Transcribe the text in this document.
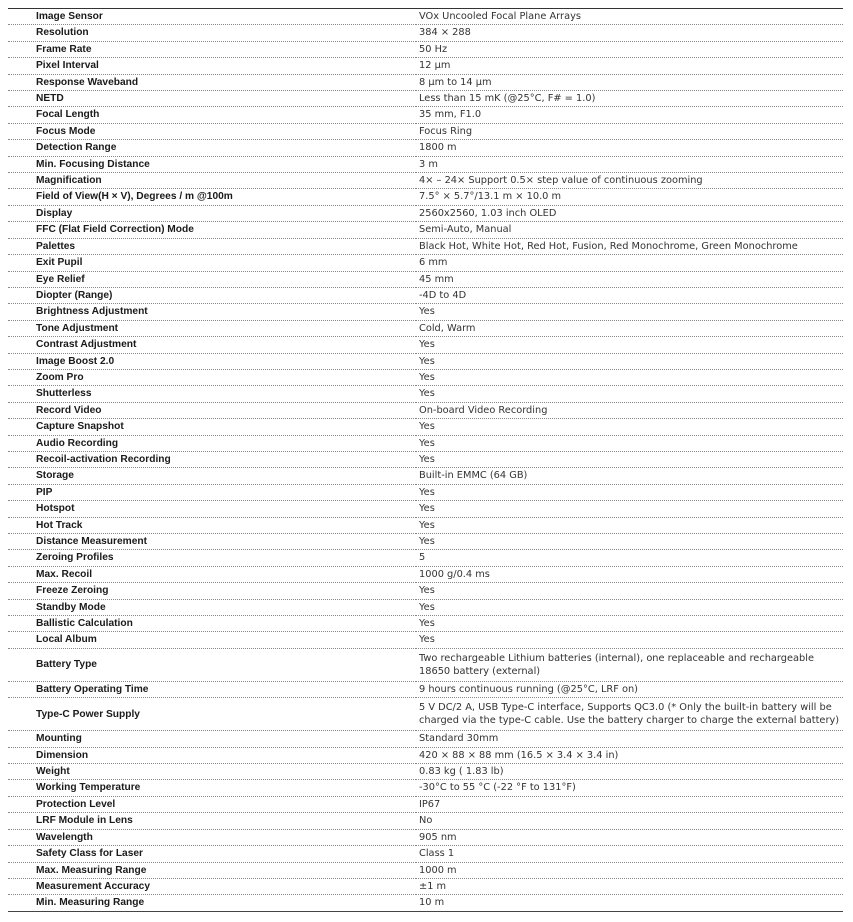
Image Sensor	VOx Uncooled Focal Plane Arrays
Resolution	384 × 288
Frame Rate	50 Hz
Pixel Interval	12 μm
Response Waveband	8 μm to 14 μm
NETD	Less than 15 mK (@25°C, F# = 1.0)
Focal Length	35 mm, F1.0
Focus Mode	Focus Ring
Detection Range	1800 m
Min. Focusing Distance	3 m
Magnification	4× – 24× Support 0.5× step value of continuous zooming
Field of View(H × V), Degrees / m @100m	7.5° × 5.7°/13.1 m × 10.0 m
Display	2560x2560, 1.03 inch OLED
FFC (Flat Field Correction) Mode	Semi-Auto, Manual
Palettes	Black Hot, White Hot, Red Hot, Fusion, Red Monochrome, Green Monochrome
Exit Pupil	6 mm
Eye Relief	45 mm
Diopter (Range)	-4D to 4D
Brightness Adjustment	Yes
Tone Adjustment	Cold, Warm
Contrast Adjustment	Yes
Image Boost 2.0	Yes
Zoom Pro	Yes
Shutterless	Yes
Record Video	On-board Video Recording
Capture Snapshot	Yes
Audio Recording	Yes
Recoil-activation Recording	Yes
Storage	Built-in EMMC (64 GB)
PIP	Yes
Hotspot	Yes
Hot Track	Yes
Distance Measurement	Yes
Zeroing Profiles	5
Max. Recoil	1000 g/0.4 ms
Freeze Zeroing	Yes
Standby Mode	Yes
Ballistic Calculation	Yes
Local Album	Yes
Battery Type	Two rechargeable Lithium batteries (internal), one replaceable and rechargeable 18650 battery (external)
Battery Operating Time	9 hours continuous running (@25°C, LRF on)
Type-C Power Supply	5 V DC/2 A, USB Type-C interface, Supports QC3.0 (* Only the built-in battery will be charged via the type-C cable. Use the battery charger to charge the external battery)
Mounting	Standard 30mm
Dimension	420 × 88 × 88 mm (16.5 × 3.4 × 3.4 in)
Weight	0.83 kg ( 1.83 lb)
Working Temperature	-30°C to 55 °C (-22 °F to 131°F)
Protection Level	IP67
LRF Module in Lens	No
Wavelength	905 nm
Safety Class for Laser	Class 1
Max. Measuring Range	1000 m
Measurement Accuracy	±1 m
Min. Measuring Range	10 m
